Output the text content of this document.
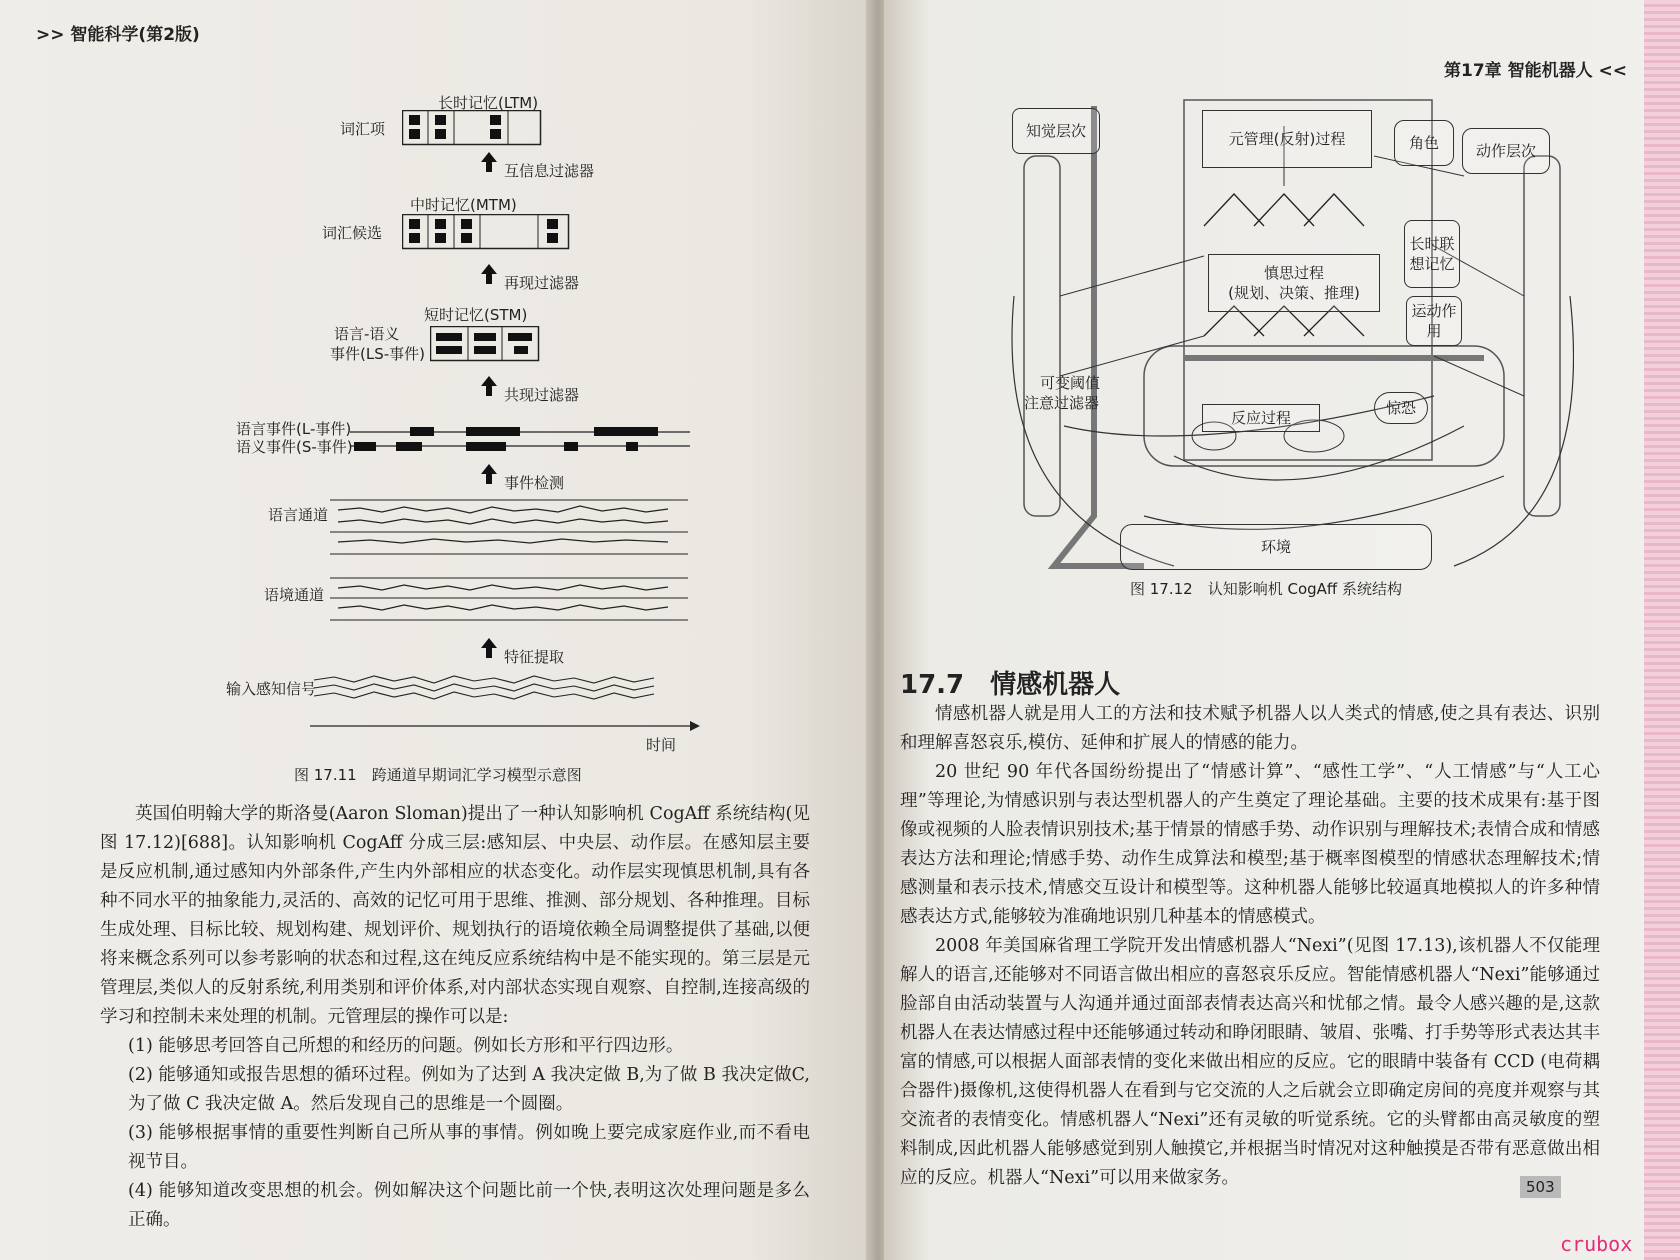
>> 智能科学(第2版)
长时记忆(LTM)
词汇项
互信息过滤器
中时记忆(MTM)
词汇候选
再现过滤器
短时记忆(STM)
语言-语义
事件(LS-事件)
共现过滤器
语言事件(L-事件)
语义事件(S-事件)
事件检测
语言通道
语境通道
特征提取
输入感知信号
时间
图 17.11　跨通道早期词汇学习模型示意图

英国伯明翰大学的斯洛曼(Aaron Sloman)提出了一种认知影响机 CogAff 系统结构(见图 17.12)[688]。认知影响机 CogAff 分成三层:感知层、中央层、动作层。在感知层主要是反应机制,通过感知内外部条件,产生内外部相应的状态变化。动作层实现慎思机制,具有各种不同水平的抽象能力,灵活的、高效的记忆可用于思维、推测、部分规划、各种推理。目标生成处理、目标比较、规划构建、规划评价、规划执行的语境依赖全局调整提供了基础,以便将来概念系列可以参考影响的状态和过程,这在纯反应系统结构中是不能实现的。第三层是元管理层,类似人的反射系统,利用类别和评价体系,对内部状态实现自观察、自控制,连接高级的学习和控制未来处理的机制。元管理层的操作可以是:

(1) 能够思考回答自己所想的和经历的问题。例如长方形和平行四边形。

(2) 能够通知或报告思想的循环过程。例如为了达到 A 我决定做 B,为了做 B 我决定做C,为了做 C 我决定做 A。然后发现自己的思维是一个圆圈。

(3) 能够根据事情的重要性判断自己所从事的事情。例如晚上要完成家庭作业,而不看电视节目。

(4) 能够知道改变思想的机会。例如解决这个问题比前一个快,表明这次处理问题是多么正确。

第17章 智能机器人 <<
知觉层次	元管理(反射)过程	角色	动作层次
长时联想记忆
慎思过程
(规划、决策、推理)
运动作用
可变阈值
注意过滤器
反应过程
惊恐
环境
图 17.12　认知影响机 CogAff 系统结构
17.7　情感机器人

情感机器人就是用人工的方法和技术赋予机器人以人类式的情感,使之具有表达、识别和理解喜怒哀乐,模仿、延伸和扩展人的情感的能力。

20 世纪 90 年代各国纷纷提出了“情感计算”、“感性工学”、“人工情感”与“人工心理”等理论,为情感识别与表达型机器人的产生奠定了理论基础。主要的技术成果有:基于图像或视频的人脸表情识别技术;基于情景的情感手势、动作识别与理解技术;表情合成和情感表达方法和理论;情感手势、动作生成算法和模型;基于概率图模型的情感状态理解技术;情感测量和表示技术,情感交互设计和模型等。这种机器人能够比较逼真地模拟人的许多种情感表达方式,能够较为准确地识别几种基本的情感模式。

2008 年美国麻省理工学院开发出情感机器人“Nexi”(见图 17.13),该机器人不仅能理解人的语言,还能够对不同语言做出相应的喜怒哀乐反应。智能情感机器人“Nexi”能够通过脸部自由活动装置与人沟通并通过面部表情表达高兴和忧郁之情。最令人感兴趣的是,这款机器人在表达情感过程中还能够通过转动和睁闭眼睛、皱眉、张嘴、打手势等形式表达其丰富的情感,可以根据人面部表情的变化来做出相应的反应。它的眼睛中装备有 CCD (电荷耦合器件)摄像机,这使得机器人在看到与它交流的人之后就会立即确定房间的亮度并观察与其交流者的表情变化。情感机器人“Nexi”还有灵敏的听觉系统。它的头臂都由高灵敏度的塑料制成,因此机器人能够感觉到别人触摸它,并根据当时情况对这种触摸是否带有恶意做出相应的反应。机器人“Nexi”可以用来做家务。	503
crubox
